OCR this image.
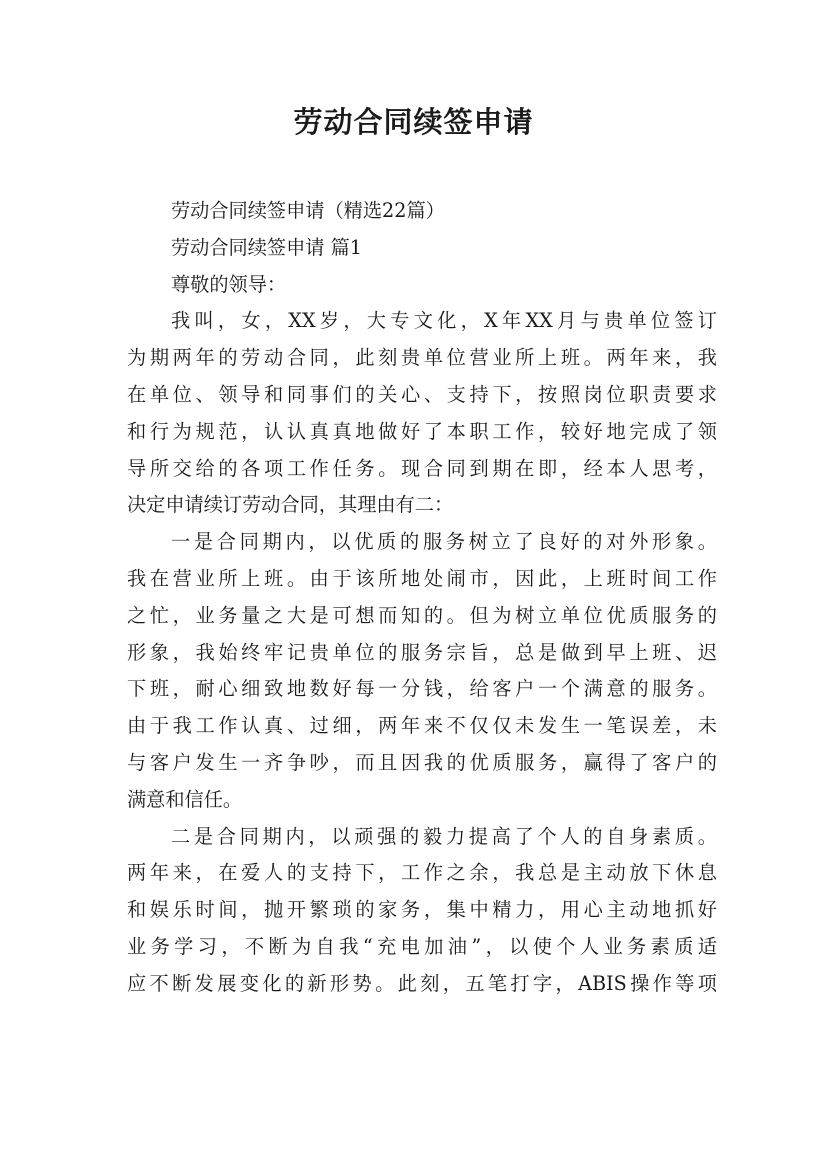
劳动合同续签申请
劳动合同续签申请（精选22篇）
劳动合同续签申请 篇1
尊敬的领导：
我叫，女，XX岁，大专文化，X年XX月与贵单位签订
为期两年的劳动合同，此刻贵单位营业所上班。两年来，我
在单位、领导和同事们的关心、支持下，按照岗位职责要求
和行为规范，认认真真地做好了本职工作，较好地完成了领
导所交给的各项工作任务。现合同到期在即，经本人思考，
决定申请续订劳动合同，其理由有二：
一是合同期内，以优质的服务树立了良好的对外形象。
我在营业所上班。由于该所地处闹市，因此，上班时间工作
之忙，业务量之大是可想而知的。但为树立单位优质服务的
形象，我始终牢记贵单位的服务宗旨，总是做到早上班、迟
下班，耐心细致地数好每一分钱，给客户一个满意的服务。
由于我工作认真、过细，两年来不仅仅未发生一笔误差，未
与客户发生一齐争吵，而且因我的优质服务，赢得了客户的
满意和信任。
二是合同期内，以顽强的毅力提高了个人的自身素质。
两年来，在爱人的支持下，工作之余，我总是主动放下休息
和娱乐时间，抛开繁琐的家务，集中精力，用心主动地抓好
业务学习，不断为自我“充电加油”，以使个人业务素质适
应不断发展变化的新形势。此刻，五笔打字，ABIS操作等项
